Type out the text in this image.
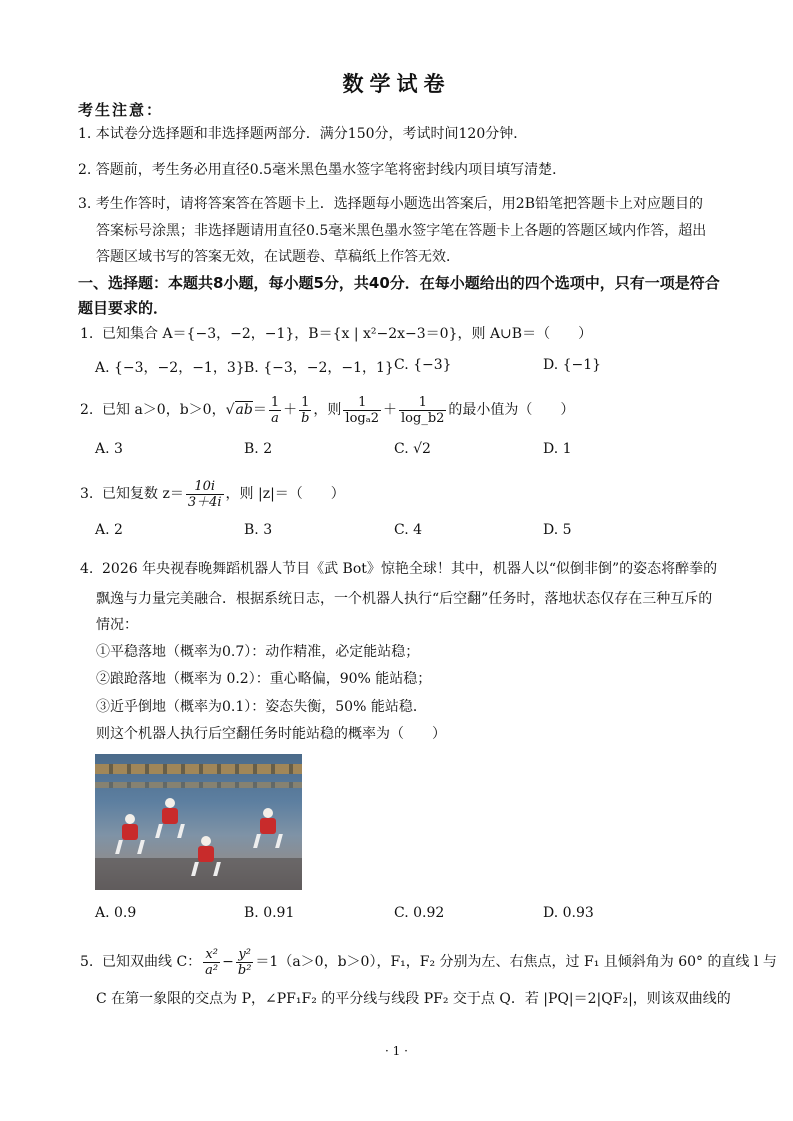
数学试卷
考生注意：
1. 本试卷分选择题和非选择题两部分．满分150分，考试时间120分钟．
2. 答题前，考生务必用直径0.5毫米黑色墨水签字笔将密封线内项目填写清楚．
3. 考生作答时，请将答案答在答题卡上．选择题每小题选出答案后，用2B铅笔把答题卡上对应题目的
答案标号涂黑；非选择题请用直径0.5毫米黑色墨水签字笔在答题卡上各题的答题区域内作答，超出
答题区域书写的答案无效，在试题卷、草稿纸上作答无效．
一、选择题：本题共8小题，每小题5分，共40分．在每小题给出的四个选项中，只有一项是符合
题目要求的．
1. 已知集合 A＝{−3，−2，−1}，B＝{x | x²−2x−3＝0}，则 A∪B＝（　　）
A. {−3，−2，−1，3} B. {−3，−2，−1，1} C. {−3}	D. {−1}
2. 已知 a＞0，b＞0，$√ab= \frac{1}{a} + \frac{1}{b}$ ，则 $\frac{1}{\text{logₐ2}} + \frac{1}{\log\_b2}$ 的最小值为（　　）
A. 3	B. 2	C. √2	D. 1
3. 已知复数 $z= \frac{10i}{3+4i}$ ，则 |z|＝（　　）
A. 2	B. 3	C. 4	D. 5
4. 2026 年央视春晚舞蹈机器人节目《武 Bot》惊艳全球！其中，机器人以“似倒非倒”的姿态将醉拳的
飘逸与力量完美融合．根据系统日志，一个机器人执行“后空翻”任务时，落地状态仅存在三种互斥的
情况：
①平稳落地（概率为0.7）：动作精准，必定能站稳；
②踉跄落地（概率为 0.2）：重心略偏，90% 能站稳；
③近乎倒地（概率为0.1）：姿态失衡，50% 能站稳．
则这个机器人执行后空翻任务时能站稳的概率为（　　）
A. 0.9	B. 0.91	C. 0.92	D. 0.93
5. 已知双曲线 C： $\frac{\text{x²}}{\text{a²}} - \frac{\text{y²}}{\text{b²}} =1(a>0$，b＞0），F₁，F₂ 分别为左、右焦点，过 F₁ 且倾斜角为 60° 的直线 l 与
C 在第一象限的交点为 P，∠PF₁F₂ 的平分线与线段 PF₂ 交于点 Q．若 |PQ|＝2|QF₂|，则该双曲线的
· 1 ·
